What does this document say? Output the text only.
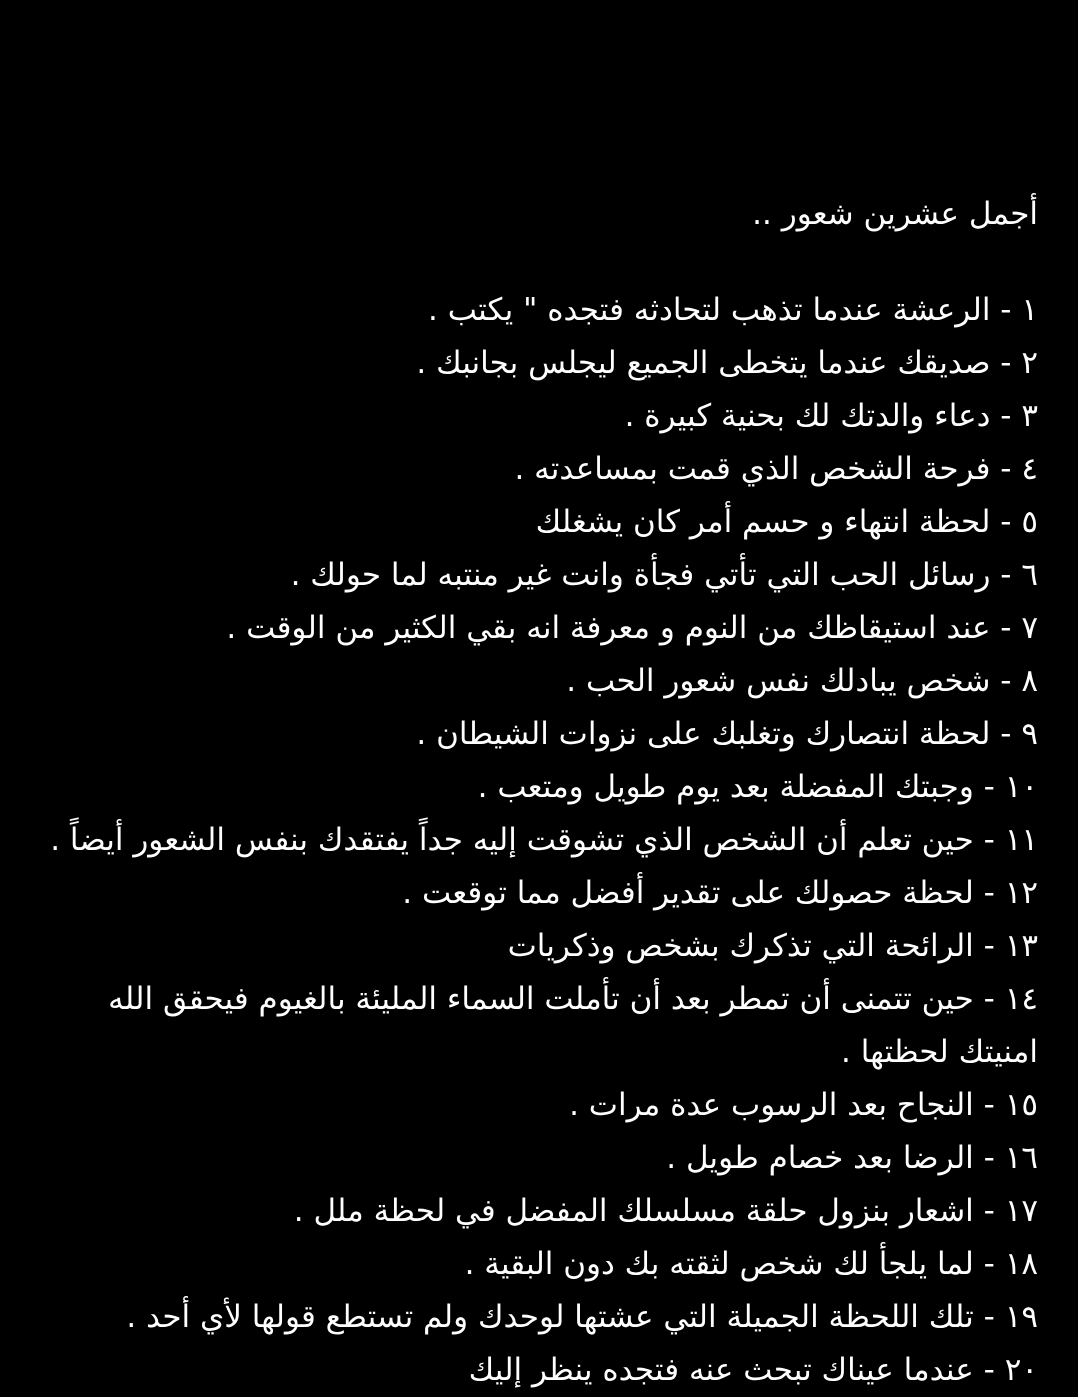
أجمل عشرين شعور ..
١ - الرعشة عندما تذهب لتحادثه فتجده " يكتب .
٢ - صديقك عندما يتخطى الجميع ليجلس بجانبك .
٣ - دعاء والدتك لك بحنية كبيرة .
٤ - فرحة الشخص الذي قمت بمساعدته .
٥ - لحظة انتهاء و حسم أمر كان يشغلك
٦ - رسائل الحب التي تأتي فجأة وانت غير منتبه لما حولك .
٧ - عند استيقاظك من النوم و معرفة انه بقي الكثير من الوقت .
٨ - شخص يبادلك نفس شعور الحب .
٩ - لحظة انتصارك وتغلبك على نزوات الشيطان .
١٠ - وجبتك المفضلة بعد يوم طويل ومتعب .
١١ - حين تعلم أن الشخص الذي تشوقت إليه جداً يفتقدك بنفس الشعور أيضاً .
١٢ - لحظة حصولك على تقدير أفضل مما توقعت .
١٣ - الرائحة التي تذكرك بشخص وذكريات
١٤ - حين تتمنى أن تمطر بعد أن تأملت السماء المليئة بالغيوم فيحقق الله امنيتك لحظتها .
١٥ - النجاح بعد الرسوب عدة مرات .
١٦ - الرضا بعد خصام طويل .
١٧ - اشعار بنزول حلقة مسلسلك المفضل في لحظة ملل .
١٨ - لما يلجأ لك شخص لثقته بك دون البقية .
١٩ - تلك اللحظة الجميلة التي عشتها لوحدك ولم تستطع قولها لأي أحد .
٢٠ - عندما عيناك تبحث عنه فتجده ينظر إليك
